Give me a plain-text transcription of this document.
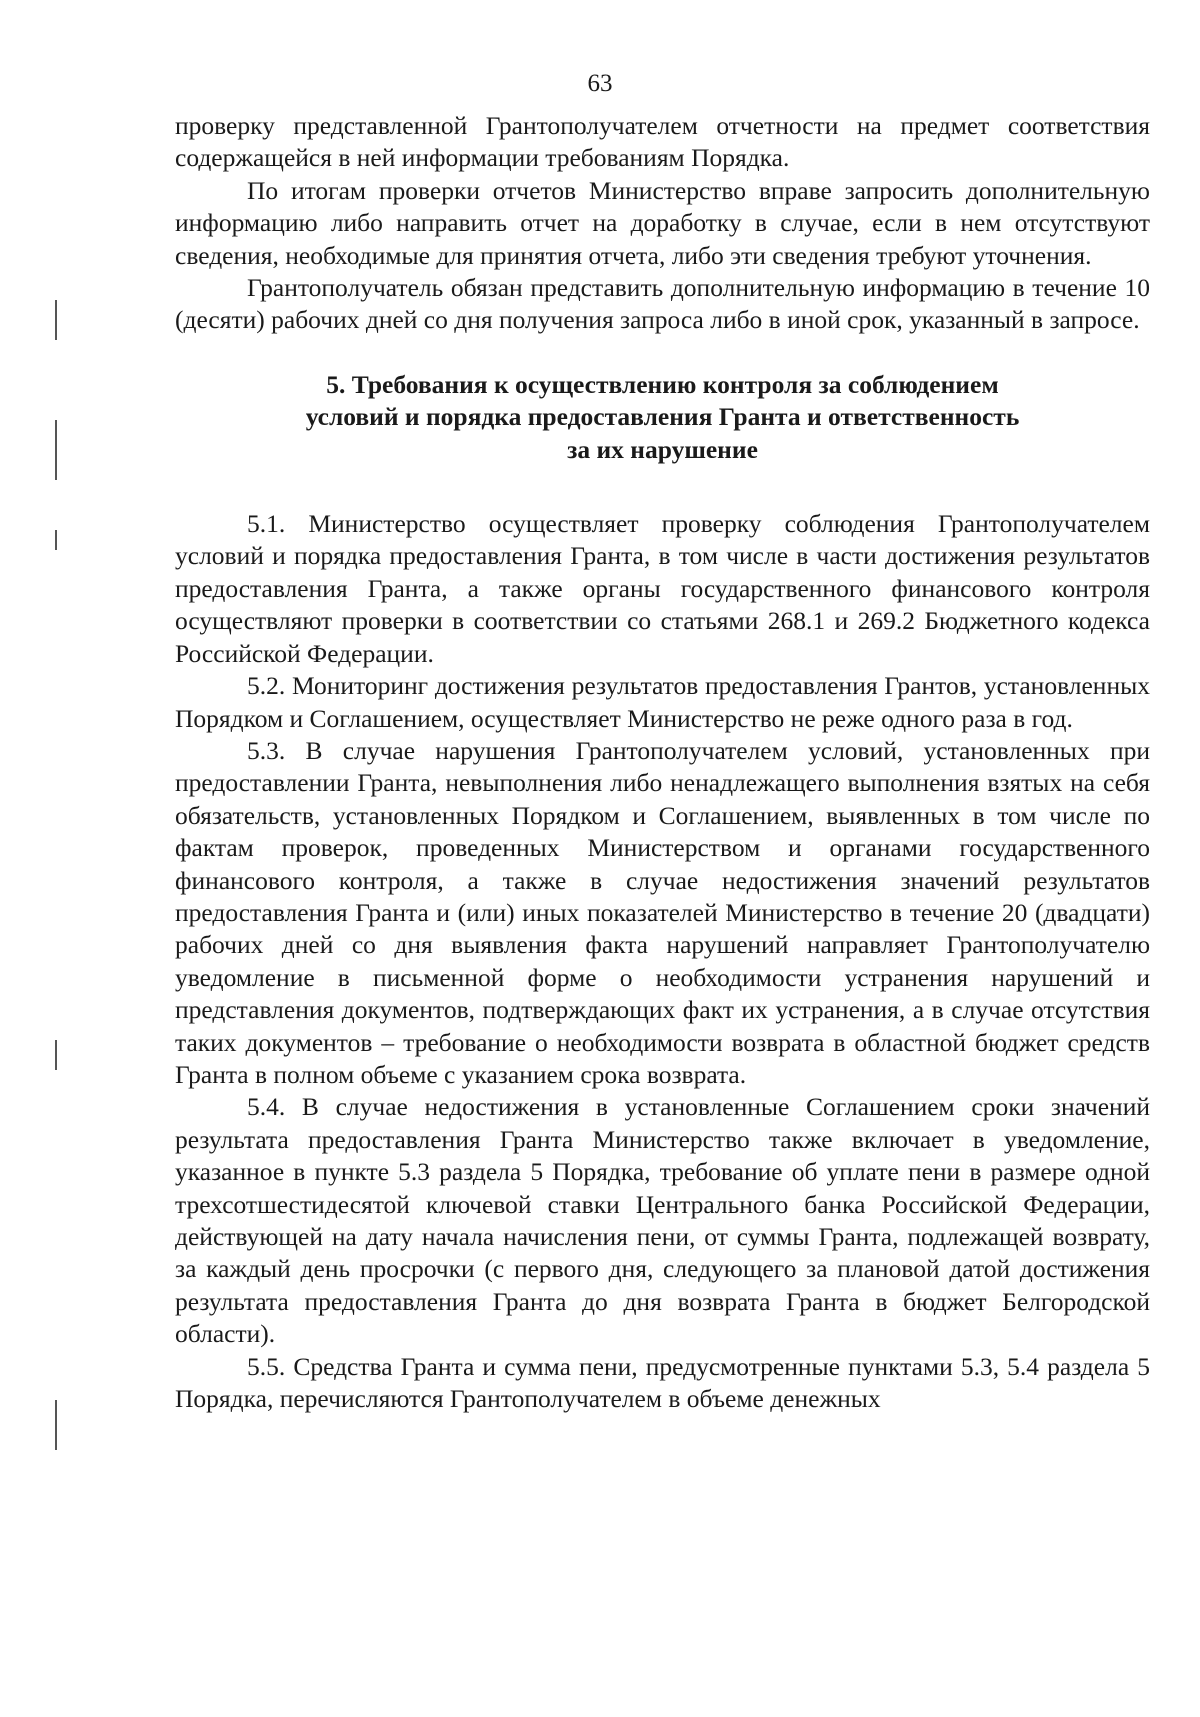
63

проверку представленной Грантополучателем отчетности на предмет соответствия содержащейся в ней информации требованиям Порядка.

По итогам проверки отчетов Министерство вправе запросить дополнительную информацию либо направить отчет на доработку в случае, если в нем отсутствуют сведения, необходимые для принятия отчета, либо эти сведения требуют уточнения.

Грантополучатель обязан представить дополнительную информацию в течение 10 (десяти) рабочих дней со дня получения запроса либо в иной срок, указанный в запросе.

5. Требования к осуществлению контроля за соблюдением
условий и порядка предоставления Гранта и ответственность
за их нарушение

5.1. Министерство осуществляет проверку соблюдения Грантополучателем условий и порядка предоставления Гранта, в том числе в части достижения результатов предоставления Гранта, а также органы государственного финансового контроля осуществляют проверки в соответствии со статьями 268.1 и 269.2 Бюджетного кодекса Российской Федерации.

5.2. Мониторинг достижения результатов предоставления Грантов, установленных Порядком и Соглашением, осуществляет Министерство не реже одного раза в год.

5.3. В случае нарушения Грантополучателем условий, установленных при предоставлении Гранта, невыполнения либо ненадлежащего выполнения взятых на себя обязательств, установленных Порядком и Соглашением, выявленных в том числе по фактам проверок, проведенных Министерством и органами государственного финансового контроля, а также в случае недостижения значений результатов предоставления Гранта и (или) иных показателей Министерство в течение 20 (двадцати) рабочих дней со дня выявления факта нарушений направляет Грантополучателю уведомление в письменной форме о необходимости устранения нарушений и представления документов, подтверждающих факт их устранения, а в случае отсутствия таких документов – требование о необходимости возврата в областной бюджет средств Гранта в полном объеме с указанием срока возврата.

5.4. В случае недостижения в установленные Соглашением сроки значений результата предоставления Гранта Министерство также включает в уведомление, указанное в пункте 5.3 раздела 5 Порядка, требование об уплате пени в размере одной трехсотшестидесятой ключевой ставки Центрального банка Российской Федерации, действующей на дату начала начисления пени, от суммы Гранта, подлежащей возврату, за каждый день просрочки (с первого дня, следующего за плановой датой достижения результата предоставления Гранта до дня возврата Гранта в бюджет Белгородской области).

5.5. Средства Гранта и сумма пени, предусмотренные пунктами 5.3, 5.4 раздела 5 Порядка, перечисляются Грантополучателем в объеме денежных
